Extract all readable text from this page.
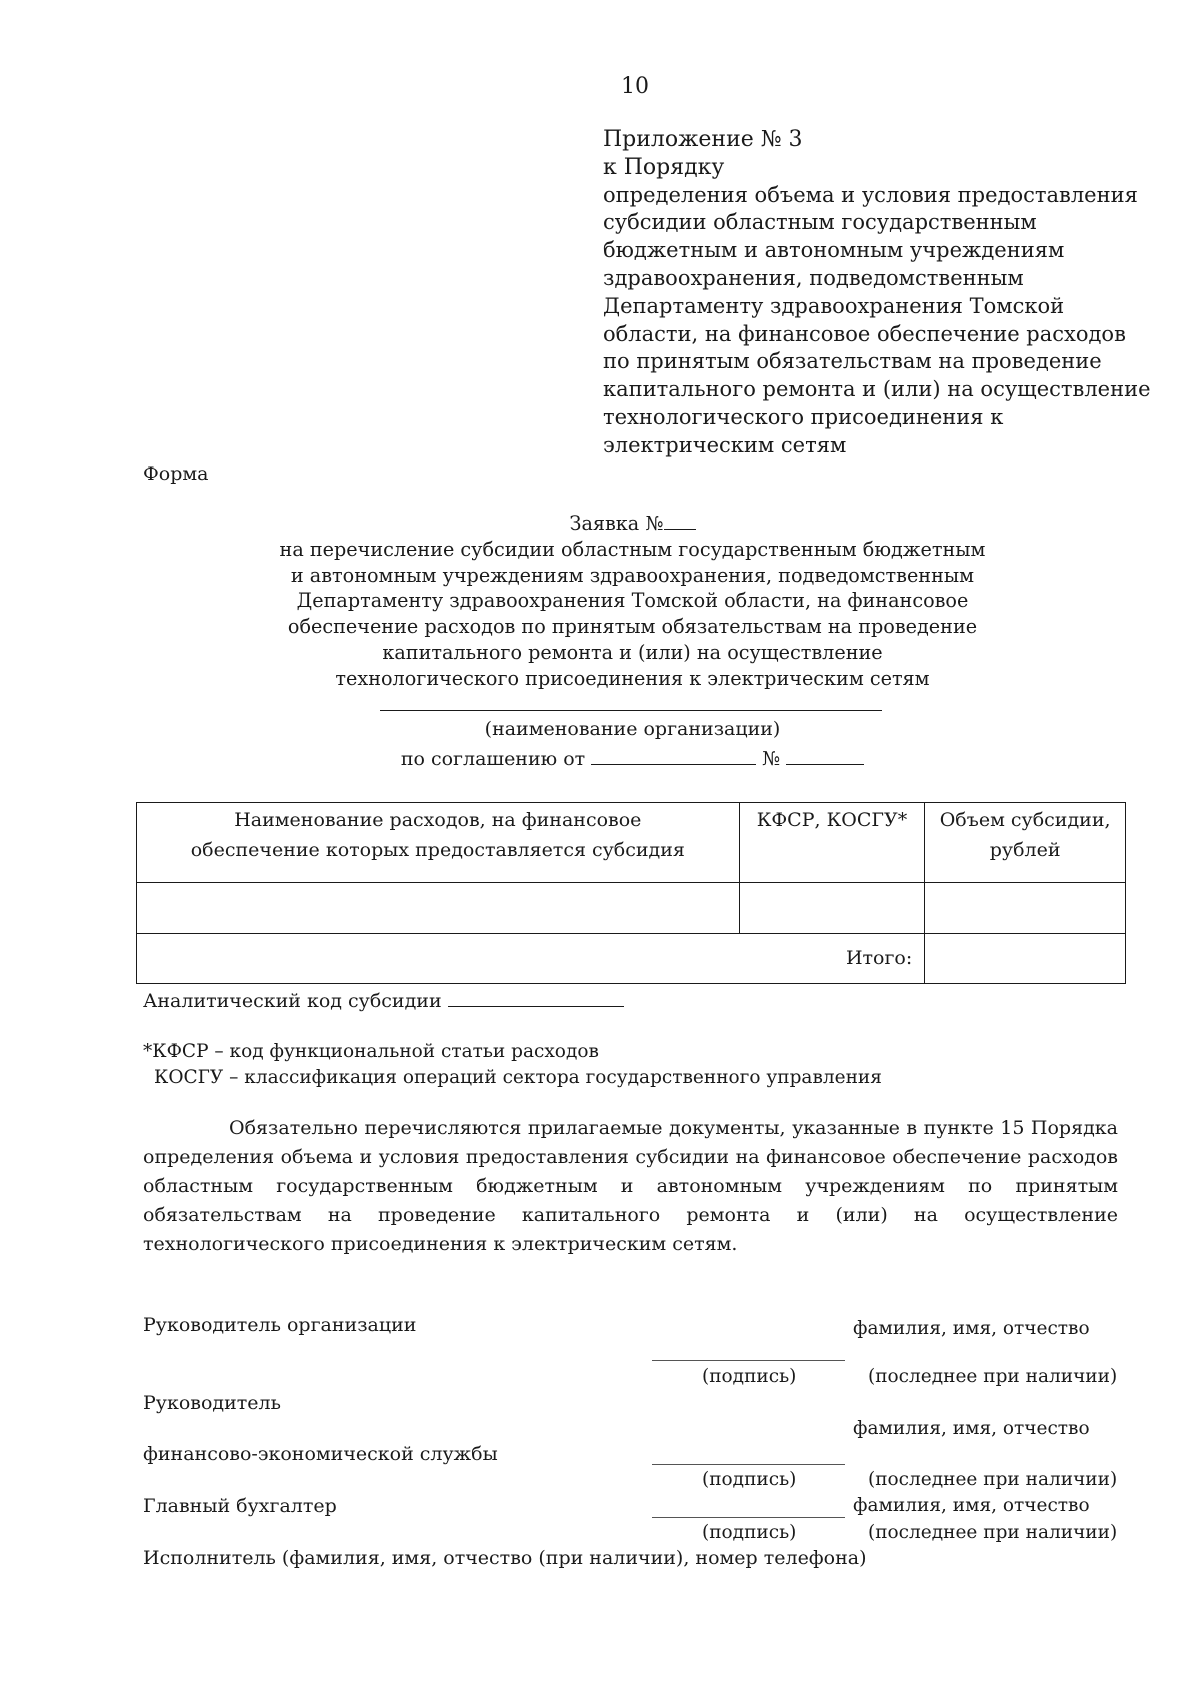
10
Приложение № 3
к Порядку
определения объема и условия предоставления
субсидии областным государственным
бюджетным и автономным учреждениям
здравоохранения, подведомственным
Департаменту здравоохранения Томской
области, на финансовое обеспечение расходов
по принятым обязательствам на проведение
капитального ремонта и (или) на осуществление
технологического присоединения к
электрическим сетям
Форма
Заявка №
на перечисление субсидии областным государственным бюджетным
и автономным учреждениям здравоохранения, подведомственным
Департаменту здравоохранения Томской области, на финансовое
обеспечение расходов по принятым обязательствам на проведение
капитального ремонта и (или) на осуществление
технологического присоединения к электрическим сетям
(наименование организации)
по соглашению от	№
Наименование расходов, на финансовое обеспечение которых предоставляется субсидия	КФСР, КОСГУ*	Объем субсидии, рублей

Итого:		
Аналитический код субсидии
*КФСР – код функциональной статьи расходов
КОСГУ – классификация операций сектора государственного управления
Обязательно перечисляются прилагаемые документы, указанные в пункте 15 Порядка определения объема и условия предоставления субсидии на финансовое обеспечение расходов областным государственным бюджетным и автономным учреждениям по принятым обязательствам на проведение капитального ремонта и (или) на осуществление технологического присоединения к электрическим сетям.
Руководитель организации	фамилия, имя, отчество
(подпись)	(последнее при наличии)
Руководитель
фамилия, имя, отчество
финансово-экономической службы
(подпись)	(последнее при наличии)
Главный бухгалтер	фамилия, имя, отчество
(подпись)	(последнее при наличии)
Исполнитель (фамилия, имя, отчество (при наличии), номер телефона)
